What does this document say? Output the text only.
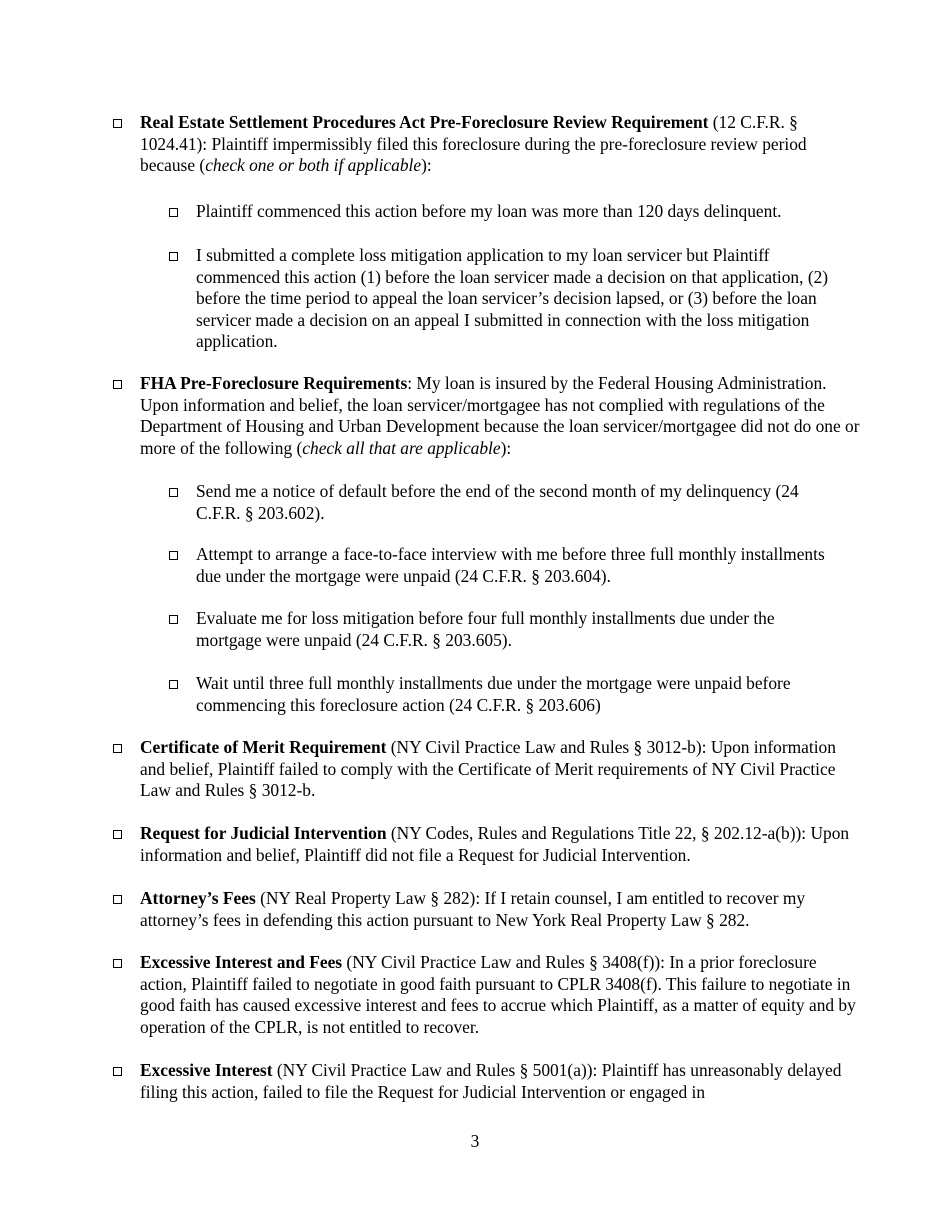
Real Estate Settlement Procedures Act Pre-Foreclosure Review Requirement (12 C.F.R. § 1024.41): Plaintiff impermissibly filed this foreclosure during the pre-foreclosure review period because (check one or both if applicable):
Plaintiff commenced this action before my loan was more than 120 days delinquent.
I submitted a complete loss mitigation application to my loan servicer but Plaintiff commenced this action (1) before the loan servicer made a decision on that application, (2) before the time period to appeal the loan servicer’s decision lapsed, or (3) before the loan servicer made a decision on an appeal I submitted in connection with the loss mitigation application.
FHA Pre-Foreclosure Requirements: My loan is insured by the Federal Housing Administration. Upon information and belief, the loan servicer/mortgagee has not complied with regulations of the Department of Housing and Urban Development because the loan servicer/mortgagee did not do one or more of the following (check all that are applicable):
Send me a notice of default before the end of the second month of my delinquency (24 C.F.R. § 203.602).
Attempt to arrange a face-to-face interview with me before three full monthly installments due under the mortgage were unpaid (24 C.F.R. § 203.604).
Evaluate me for loss mitigation before four full monthly installments due under the mortgage were unpaid (24 C.F.R. § 203.605).
Wait until three full monthly installments due under the mortgage were unpaid before commencing this foreclosure action (24 C.F.R. § 203.606)
Certificate of Merit Requirement (NY Civil Practice Law and Rules § 3012-b): Upon information and belief, Plaintiff failed to comply with the Certificate of Merit requirements of NY Civil Practice Law and Rules § 3012-b.
Request for Judicial Intervention (NY Codes, Rules and Regulations Title 22, § 202.12-a(b)): Upon information and belief, Plaintiff did not file a Request for Judicial Intervention.
Attorney’s Fees (NY Real Property Law § 282): If I retain counsel, I am entitled to recover my attorney’s fees in defending this action pursuant to New York Real Property Law § 282.
Excessive Interest and Fees (NY Civil Practice Law and Rules § 3408(f)): In a prior foreclosure action, Plaintiff failed to negotiate in good faith pursuant to CPLR 3408(f). This failure to negotiate in good faith has caused excessive interest and fees to accrue which Plaintiff, as a matter of equity and by operation of the CPLR, is not entitled to recover.
Excessive Interest (NY Civil Practice Law and Rules § 5001(a)): Plaintiff has unreasonably delayed filing this action, failed to file the Request for Judicial Intervention or engaged in
3
